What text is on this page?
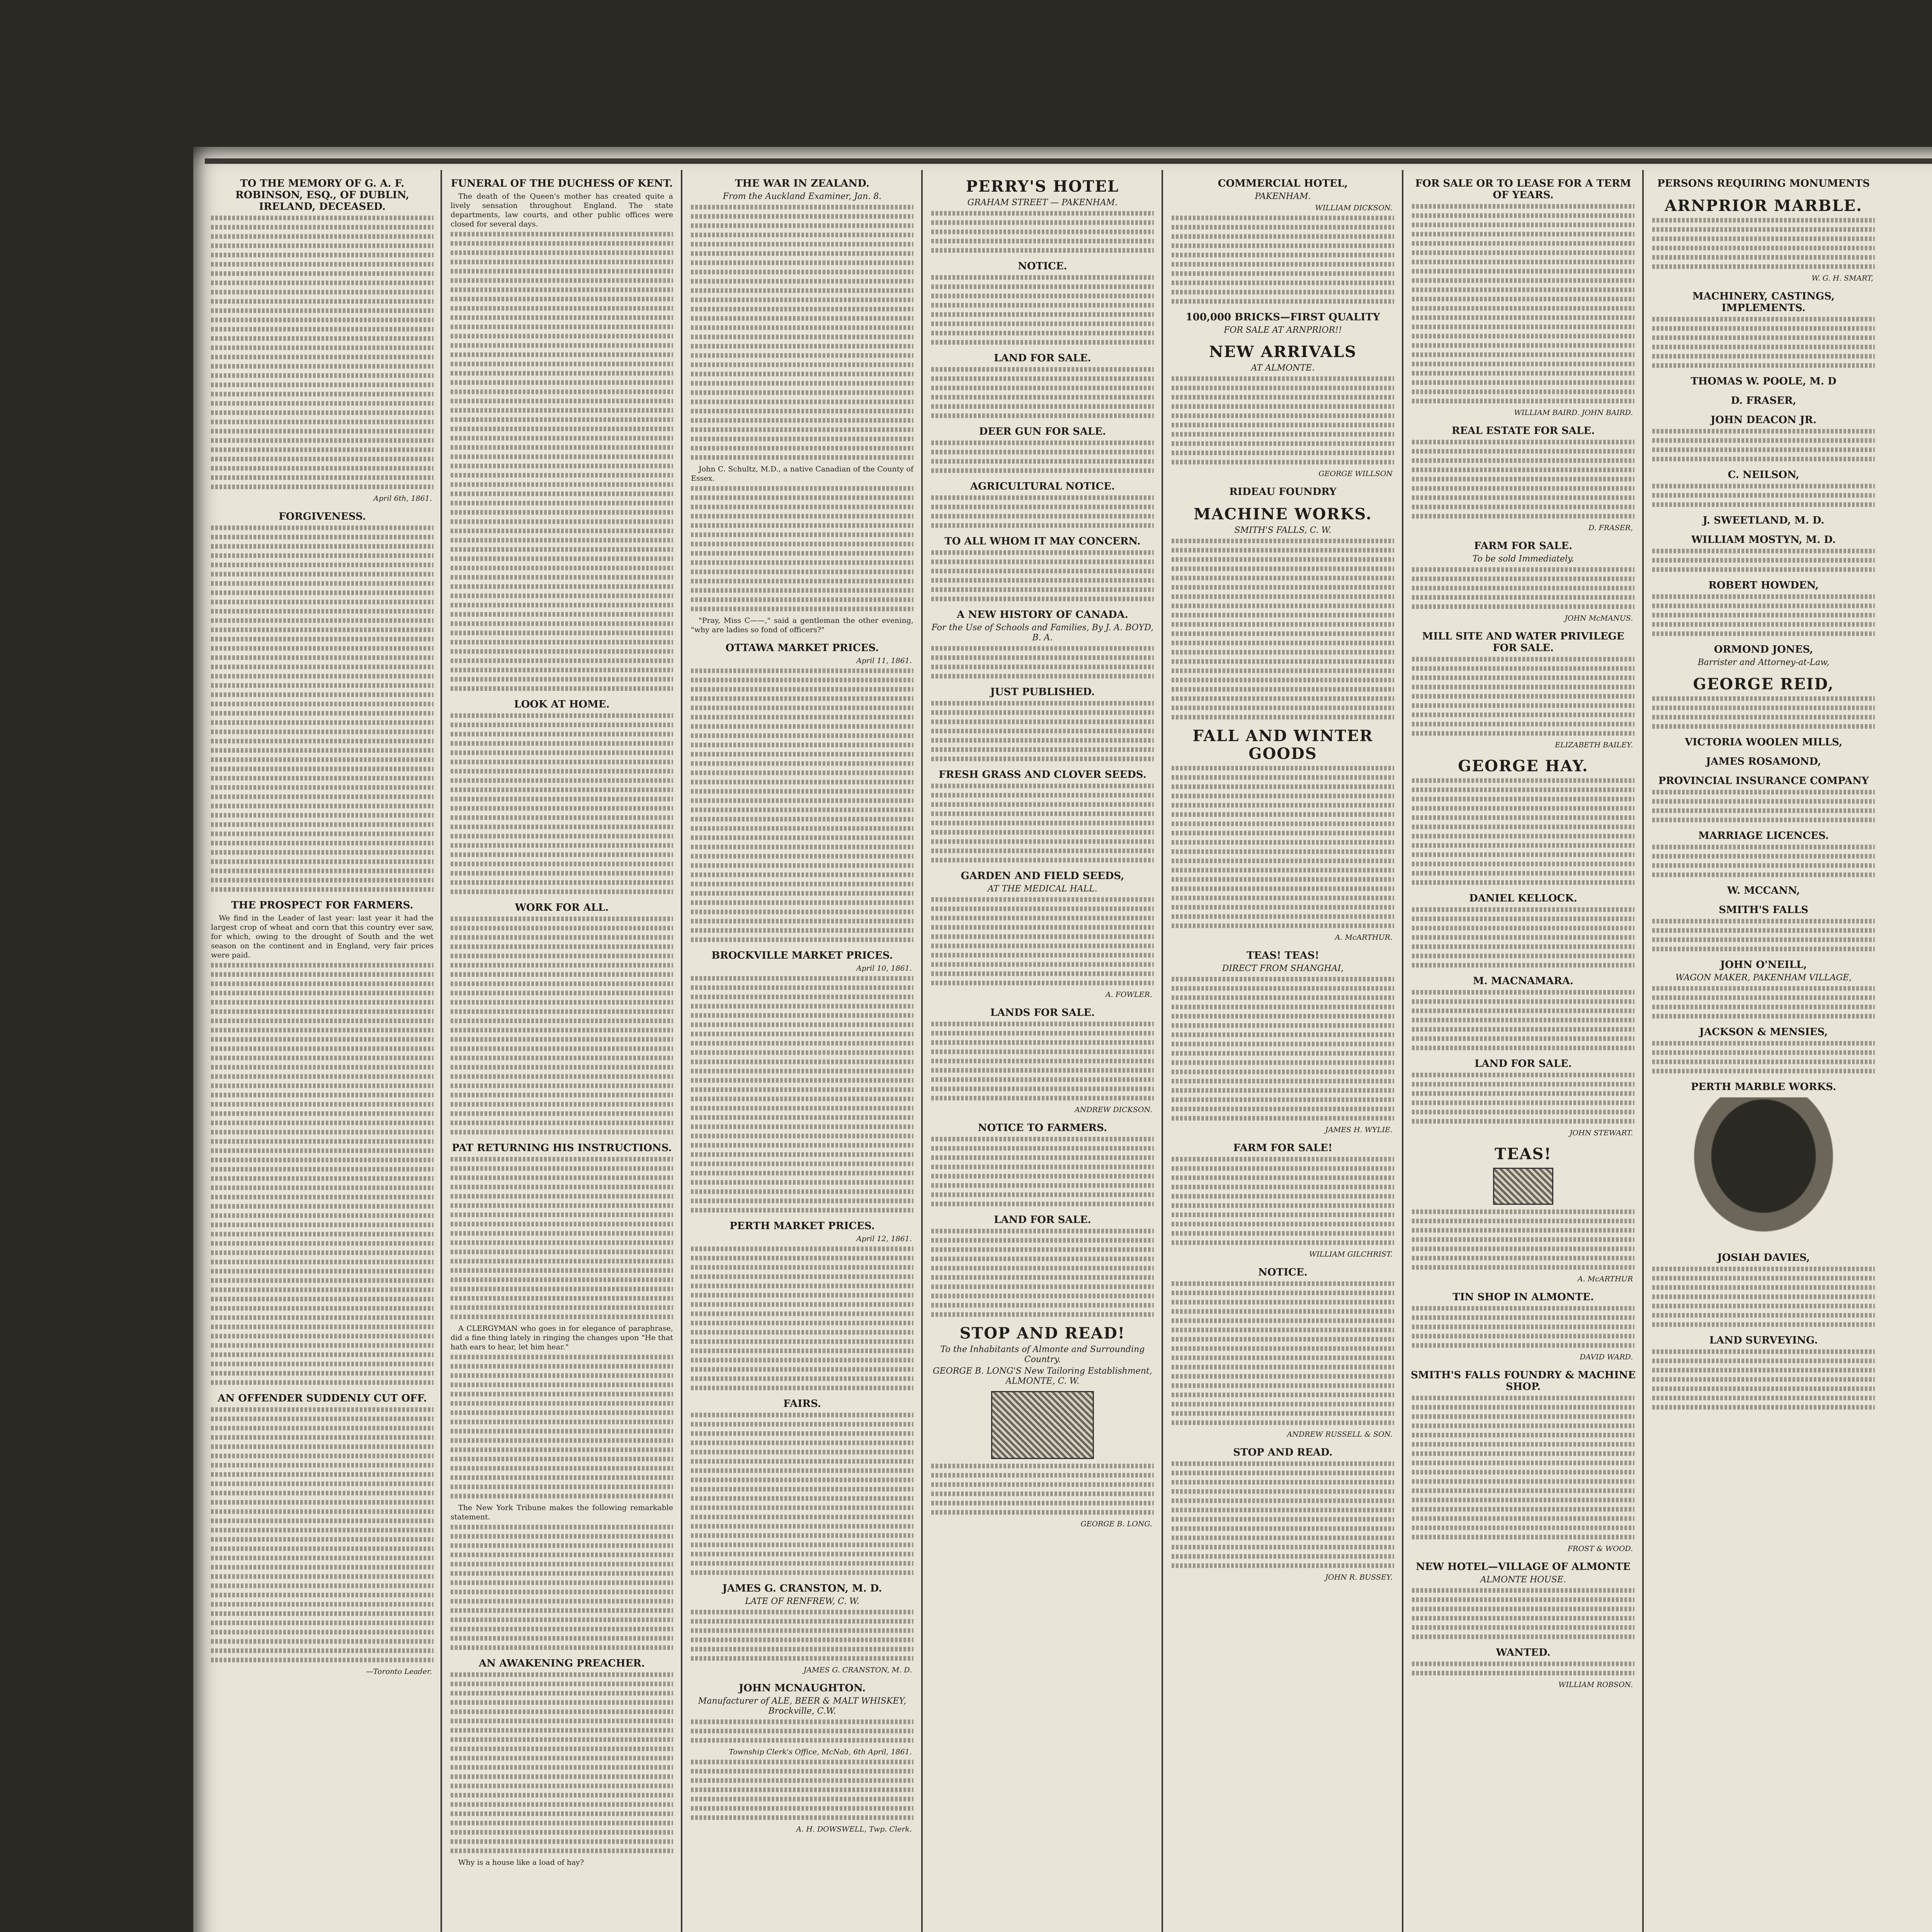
TO THE MEMORY OF G. A. F. ROBINSON, ESQ., OF DUBLIN, IRELAND, DECEASED.
April 6th, 1861.
FORGIVENESS.
THE PROSPECT FOR FARMERS.
We find in the Leader of last year: last year it had the largest crop of wheat and corn that this country ever saw, for which, owing to the drought of South and the wet season on the continent and in England, very fair prices were paid.
AN OFFENDER SUDDENLY CUT OFF.
—Toronto Leader.
FUNERAL OF THE DUCHESS OF KENT.
The death of the Queen's mother has created quite a lively sensation throughout England. The state departments, law courts, and other public offices were closed for several days.
LOOK AT HOME.
WORK FOR ALL.
PAT RETURNING HIS INSTRUCTIONS.
A CLERGYMAN who goes in for elegance of paraphrase, did a fine thing lately in ringing the changes upon "He that hath ears to hear, let him hear."
The New York Tribune makes the following remarkable statement.
AN AWAKENING PREACHER.
Why is a house like a load of hay?
THE WAR IN ZEALAND.
From the Auckland Examiner, Jan. 8.
John C. Schultz, M.D., a native Canadian of the County of Essex.
"Pray, Miss C——," said a gentleman the other evening, "why are ladies so fond of officers?"
OTTAWA MARKET PRICES.
April 11, 1861.
BROCKVILLE MARKET PRICES.
April 10, 1861.
PERTH MARKET PRICES.
April 12, 1861.
FAIRS.
JAMES G. CRANSTON, M. D.
LATE OF RENFREW, C. W.
JAMES G. CRANSTON, M. D.
JOHN MCNAUGHTON.
Manufacturer of ALE, BEER & MALT WHISKEY, Brockville, C.W.
Township Clerk's Office, McNab, 6th April, 1861.
A. H. DOWSWELL, Twp. Clerk.
PERRY'S HOTEL
GRAHAM STREET — PAKENHAM.
NOTICE.
LAND FOR SALE.
DEER GUN FOR SALE.
AGRICULTURAL NOTICE.
TO ALL WHOM IT MAY CONCERN.
A NEW HISTORY OF CANADA.
For the Use of Schools and Families, By J. A. BOYD, B. A.
JUST PUBLISHED.
FRESH GRASS AND CLOVER SEEDS.
GARDEN AND FIELD SEEDS,
AT THE MEDICAL HALL.
A. FOWLER.
LANDS FOR SALE.
ANDREW DICKSON.
NOTICE TO FARMERS.
LAND FOR SALE.
STOP AND READ!
To the Inhabitants of Almonte and Surrounding Country.
GEORGE B. LONG'S New Tailoring Establishment, ALMONTE, C. W.
GEORGE B. LONG.
COMMERCIAL HOTEL,
PAKENHAM.
WILLIAM DICKSON.
100,000 BRICKS—FIRST QUALITY
FOR SALE AT ARNPRIOR!!
NEW ARRIVALS
AT ALMONTE.
GEORGE WILLSON
RIDEAU FOUNDRY
MACHINE WORKS.
SMITH'S FALLS, C. W.
FALL AND WINTER GOODS
A. McARTHUR.
TEAS! TEAS!
DIRECT FROM SHANGHAI,
JAMES H. WYLIE.
FARM FOR SALE!
WILLIAM GILCHRIST.
NOTICE.
ANDREW RUSSELL & SON.
STOP AND READ.
JOHN R. BUSSEY.
FOR SALE OR TO LEASE FOR A TERM OF YEARS.
WILLIAM BAIRD. JOHN BAIRD.
REAL ESTATE FOR SALE.
D. FRASER,
FARM FOR SALE.
To be sold Immediately.
JOHN McMANUS.
MILL SITE AND WATER PRIVILEGE FOR SALE.
ELIZABETH BAILEY.
GEORGE HAY.
DANIEL KELLOCK.
M. MACNAMARA.
LAND FOR SALE.
JOHN STEWART.
TEAS!
A. McARTHUR
TIN SHOP IN ALMONTE.
DAVID WARD.
SMITH'S FALLS FOUNDRY & MACHINE SHOP.
FROST & WOOD.
NEW HOTEL—VILLAGE OF ALMONTE
ALMONTE HOUSE.
WANTED.
WILLIAM ROBSON.
PERSONS REQUIRING MONUMENTS
ARNPRIOR MARBLE.
W. G. H. SMART,
MACHINERY, CASTINGS, IMPLEMENTS.
THOMAS W. POOLE, M. D
D. FRASER,
JOHN DEACON JR.
C. NEILSON,
J. SWEETLAND, M. D.
WILLIAM MOSTYN, M. D.
ROBERT HOWDEN,
ORMOND JONES,
Barrister and Attorney-at-Law,
GEORGE REID,
VICTORIA WOOLEN MILLS,
JAMES ROSAMOND,
PROVINCIAL INSURANCE COMPANY
MARRIAGE LICENCES.
W. MCCANN,
SMITH'S FALLS
JOHN O'NEILL,
WAGON MAKER, PAKENHAM VILLAGE,
JACKSON & MENSIES,
PERTH MARBLE WORKS.
JOSIAH DAVIES,
LAND SURVEYING.
